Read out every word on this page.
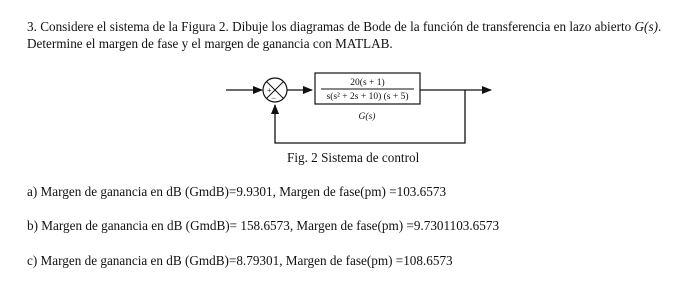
3. Considere el sistema de la Figura 2. Dibuje los diagramas de Bode de la función de transferencia en lazo abierto G(s). Determine el margen de fase y el margen de ganancia con MATLAB.
+
−
20(s + 1)
s(s² + 2s + 10) (s + 5)
G(s)
Fig. 2 Sistema de control
a) Margen de ganancia en dB (GmdB)=9.9301, Margen de fase(pm) =103.6573
b) Margen de ganancia en dB (GmdB)= 158.6573, Margen de fase(pm) =9.7301103.6573
c) Margen de ganancia en dB (GmdB)=8.79301, Margen de fase(pm) =108.6573
